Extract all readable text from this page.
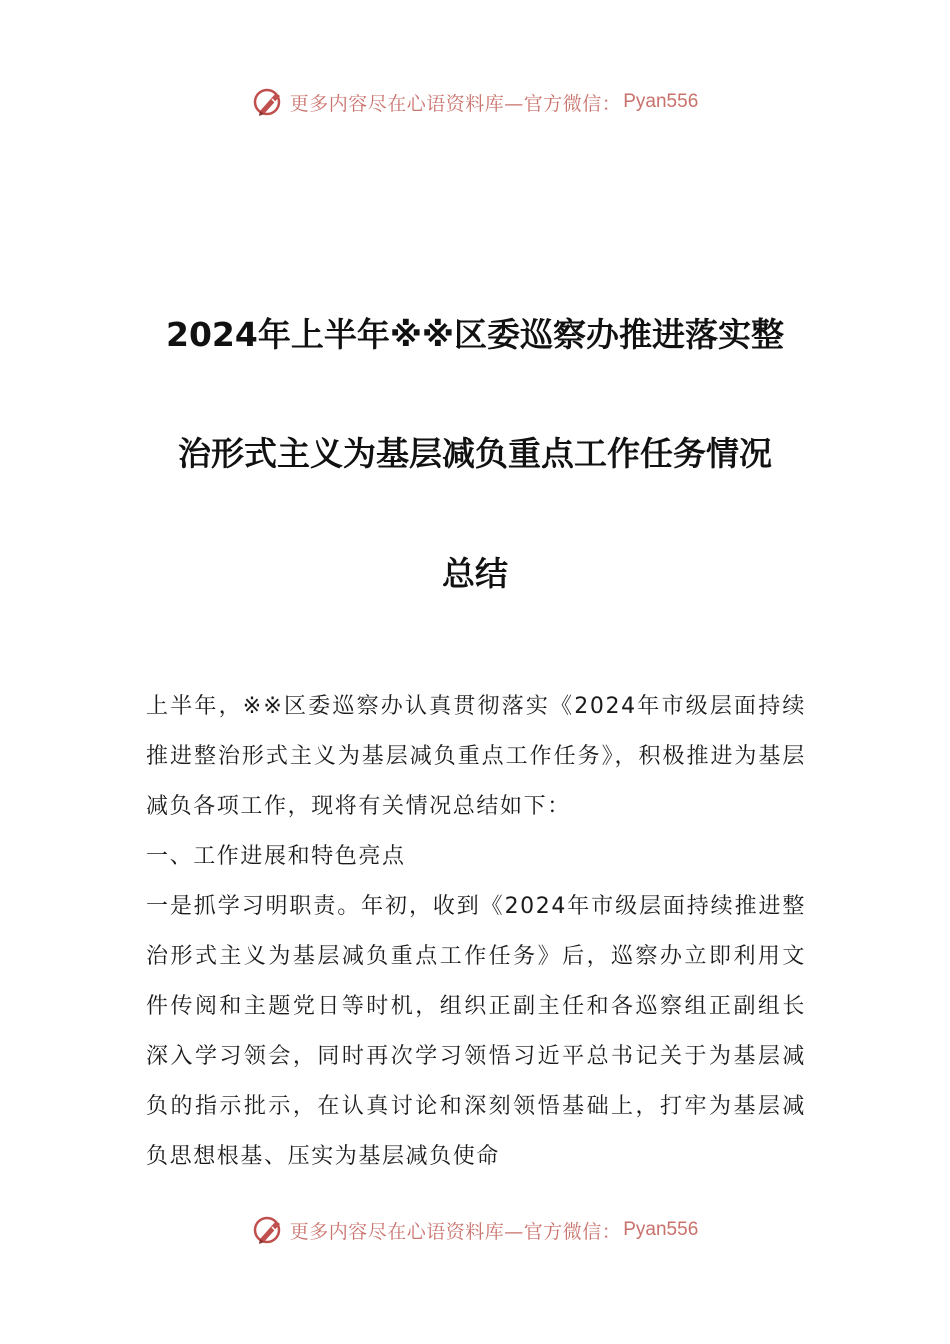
更多内容尽在心语资料库—官方微信： Pyan556
2024年上半年※※区委巡察办推进落实整
治形式主义为基层减负重点工作任务情况
总结

上半年，※※区委巡察办认真贯彻落实《2024年市级层面持续推进整治形式主义为基层减负重点工作任务》，积极推进为基层减负各项工作，现将有关情况总结如下：

一、工作进展和特色亮点

一是抓学习明职责。年初，收到《2024年市级层面持续推进整治形式主义为基层减负重点工作任务》后，巡察办立即利用文件传阅和主题党日等时机，组织正副主任和各巡察组正副组长深入学习领会，同时再次学习领悟习近平总书记关于为基层减负的指示批示，在认真讨论和深刻领悟基础上，打牢为基层减负思想根基、压实为基层减负使命

更多内容尽在心语资料库—官方微信： Pyan556
